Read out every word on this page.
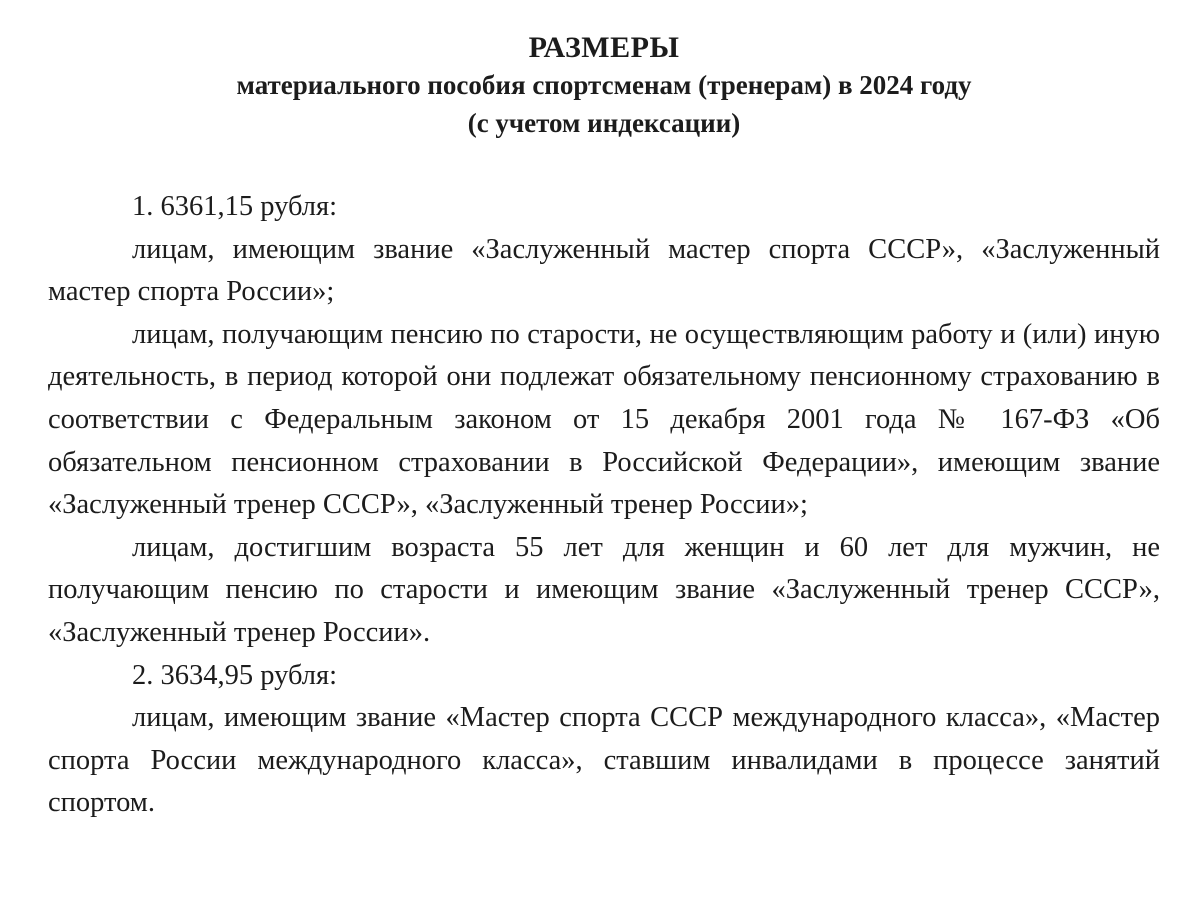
РАЗМЕРЫ
материального пособия спортсменам (тренерам) в 2024 году
(с учетом индексации)

1. 6361,15 рубля:

лицам, имеющим звание «Заслуженный мастер спорта СССР», «Заслуженный мастер спорта России»;

лицам, получающим пенсию по старости, не осуществляющим работу и (или) иную деятельность, в период которой они подлежат обязательному пенсионному страхованию в соответствии с Федеральным законом от 15 декабря 2001 года № 167-ФЗ «Об обязательном пенсионном страховании в Российской Федерации», имеющим звание «Заслуженный тренер СССР», «Заслуженный тренер России»;

лицам, достигшим возраста 55 лет для женщин и 60 лет для мужчин, не получающим пенсию по старости и имеющим звание «Заслуженный тренер СССР», «Заслуженный тренер России».

2. 3634,95 рубля:

лицам, имеющим звание «Мастер спорта СССР международного класса», «Мастер спорта России международного класса», ставшим инвалидами в процессе занятий спортом.
